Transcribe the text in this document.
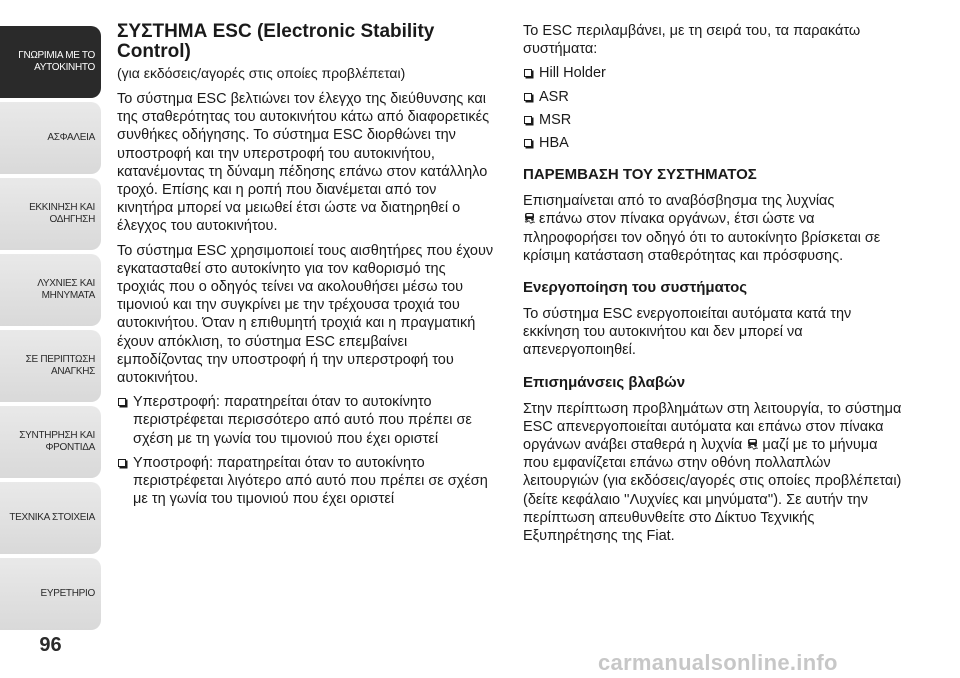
ΓΝΩΡΙΜΙΑ ΜΕ ΤΟ ΑΥΤΟΚΙΝΗΤΟ
ΑΣΦΑΛΕΙΑ
ΕΚΚΙΝΗΣΗ ΚΑΙ ΟΔΗΓΗΣΗ
ΛΥΧΝΙΕΣ ΚΑΙ ΜΗΝΥΜΑΤΑ
ΣΕ ΠΕΡΙΠΤΩΣΗ ΑΝΑΓΚΗΣ
ΣΥΝΤΗΡΗΣΗ ΚΑΙ ΦΡΟΝΤΙΔΑ
ΤΕΧΝΙΚΑ ΣΤΟΙΧΕΙΑ
ΕΥΡΕΤΗΡΙΟ
96
ΣΥΣΤΗΜΑ ESC (Electronic Stability Control)
(για εκδόσεις/αγορές στις οποίες προβλέπεται)

Το σύστημα ESC βελτιώνει τον έλεγχο της διεύθυνσης και της σταθερότητας του αυτοκινήτου κάτω από διαφορετικές συνθήκες οδήγησης. Το σύστημα ESC διορθώνει την υποστροφή και την υπερστροφή του αυτοκινήτου, κατανέμοντας τη δύναμη πέδησης επάνω στον κατάλληλο τροχό. Επίσης και η ροπή που διανέμεται από τον κινητήρα μπορεί να μειωθεί έτσι ώστε να διατηρηθεί ο έλεγχος του αυτοκινήτου.

Το σύστημα ESC χρησιμοποιεί τους αισθητήρες που έχουν εγκατασταθεί στο αυτοκίνητο για τον καθορισμό της τροχιάς που ο οδηγός τείνει να ακολουθήσει μέσω του τιμονιού και την συγκρίνει με την τρέχουσα τροχιά του αυτοκινήτου. Όταν η επιθυμητή τροχιά και η πραγματική έχουν απόκλιση, το σύστημα ESC επεμβαίνει εμποδίζοντας την υποστροφή ή την υπερστροφή του αυτοκινήτου.

Υπερστροφή: παρατηρείται όταν το αυτοκίνητο περιστρέφεται περισσότερο από αυτό που πρέπει σε σχέση με τη γωνία του τιμονιού που έχει οριστεί
Υποστροφή: παρατηρείται όταν το αυτοκίνητο περιστρέφεται λιγότερο από αυτό που πρέπει σε σχέση με τη γωνία του τιμονιού που έχει οριστεί

Το ESC περιλαμβάνει, με τη σειρά του, τα παρακάτω συστήματα:

Hill Holder
ASR
MSR
HBA
ΠΑΡΕΜΒΑΣΗ ΤΟΥ ΣΥΣΤΗΜΑΤΟΣ

Επισημαίνεται από το αναβόσβησμα της λυχνίας
επάνω στον πίνακα οργάνων, έτσι ώστε να πληροφορήσει τον οδηγό ότι το αυτοκίνητο βρίσκεται σε κρίσιμη κατάσταση σταθερότητας και πρόσφυσης.

Ενεργοποίηση του συστήματος

Το σύστημα ESC ενεργοποιείται αυτόματα κατά την εκκίνηση του αυτοκινήτου και δεν μπορεί να απενεργοποιηθεί.

Επισημάνσεις βλαβών

Στην περίπτωση προβλημάτων στη λειτουργία, το σύστημα ESC απενεργοποιείται αυτόματα και επάνω στον πίνακα οργάνων ανάβει σταθερά η λυχνία μαζί με το μήνυμα που εμφανίζεται επάνω στην οθόνη πολλαπλών λειτουργιών (για εκδόσεις/αγορές στις οποίες προβλέπεται) (δείτε κεφάλαιο ''Λυχνίες και μηνύματα''). Σε αυτήν την περίπτωση απευθυνθείτε στο Δίκτυο Τεχνικής Εξυπηρέτησης της Fiat.

carmanualsonline.info
